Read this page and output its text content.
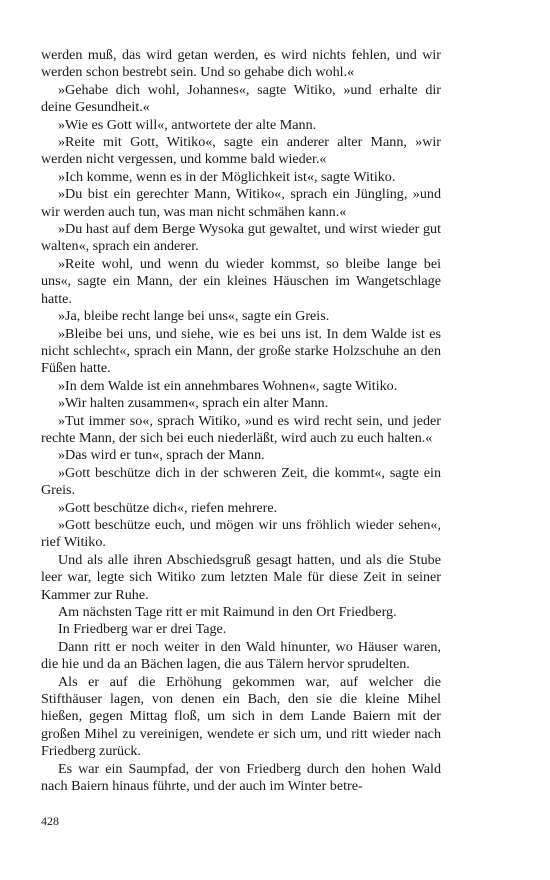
werden muß, das wird getan werden, es wird nichts fehlen, und wir werden schon bestrebt sein. Und so gehabe dich wohl.«

»Gehabe dich wohl, Johannes«, sagte Witiko, »und erhalte dir deine Gesundheit.«

»Wie es Gott will«, antwortete der alte Mann.

»Reite mit Gott, Witiko«, sagte ein anderer alter Mann, »wir werden nicht vergessen, und komme bald wieder.«

»Ich komme, wenn es in der Möglichkeit ist«, sagte Witiko.

»Du bist ein gerechter Mann, Witiko«, sprach ein Jüngling, »und wir werden auch tun, was man nicht schmähen kann.«

»Du hast auf dem Berge Wysoka gut gewaltet, und wirst wieder gut walten«, sprach ein anderer.

»Reite wohl, und wenn du wieder kommst, so bleibe lange bei uns«, sagte ein Mann, der ein kleines Häuschen im Wangetschlage hatte.

»Ja, bleibe recht lange bei uns«, sagte ein Greis.

»Bleibe bei uns, und siehe, wie es bei uns ist. In dem Walde ist es nicht schlecht«, sprach ein Mann, der große starke Holzschuhe an den Füßen hatte.

»In dem Walde ist ein annehmbares Wohnen«, sagte Witiko.

»Wir halten zusammen«, sprach ein alter Mann.

»Tut immer so«, sprach Witiko, »und es wird recht sein, und jeder rechte Mann, der sich bei euch niederläßt, wird auch zu euch halten.«

»Das wird er tun«, sprach der Mann.

»Gott beschütze dich in der schweren Zeit, die kommt«, sagte ein Greis.

»Gott beschütze dich«, riefen mehrere.

»Gott beschütze euch, und mögen wir uns fröhlich wieder sehen«, rief Witiko.

Und als alle ihren Abschiedsgruß gesagt hatten, und als die Stube leer war, legte sich Witiko zum letzten Male für diese Zeit in seiner Kammer zur Ruhe.

Am nächsten Tage ritt er mit Raimund in den Ort Friedberg.

In Friedberg war er drei Tage.

Dann ritt er noch weiter in den Wald hinunter, wo Häuser waren, die hie und da an Bächen lagen, die aus Tälern hervor sprudelten.

Als er auf die Erhöhung gekommen war, auf welcher die Stifthäuser lagen, von denen ein Bach, den sie die kleine Mihel hießen, gegen Mittag floß, um sich in dem Lande Baiern mit der großen Mihel zu vereinigen, wendete er sich um, und ritt wieder nach Friedberg zurück.

Es war ein Saumpfad, der von Friedberg durch den hohen Wald nach Baiern hinaus führte, und der auch im Winter betre-

428
